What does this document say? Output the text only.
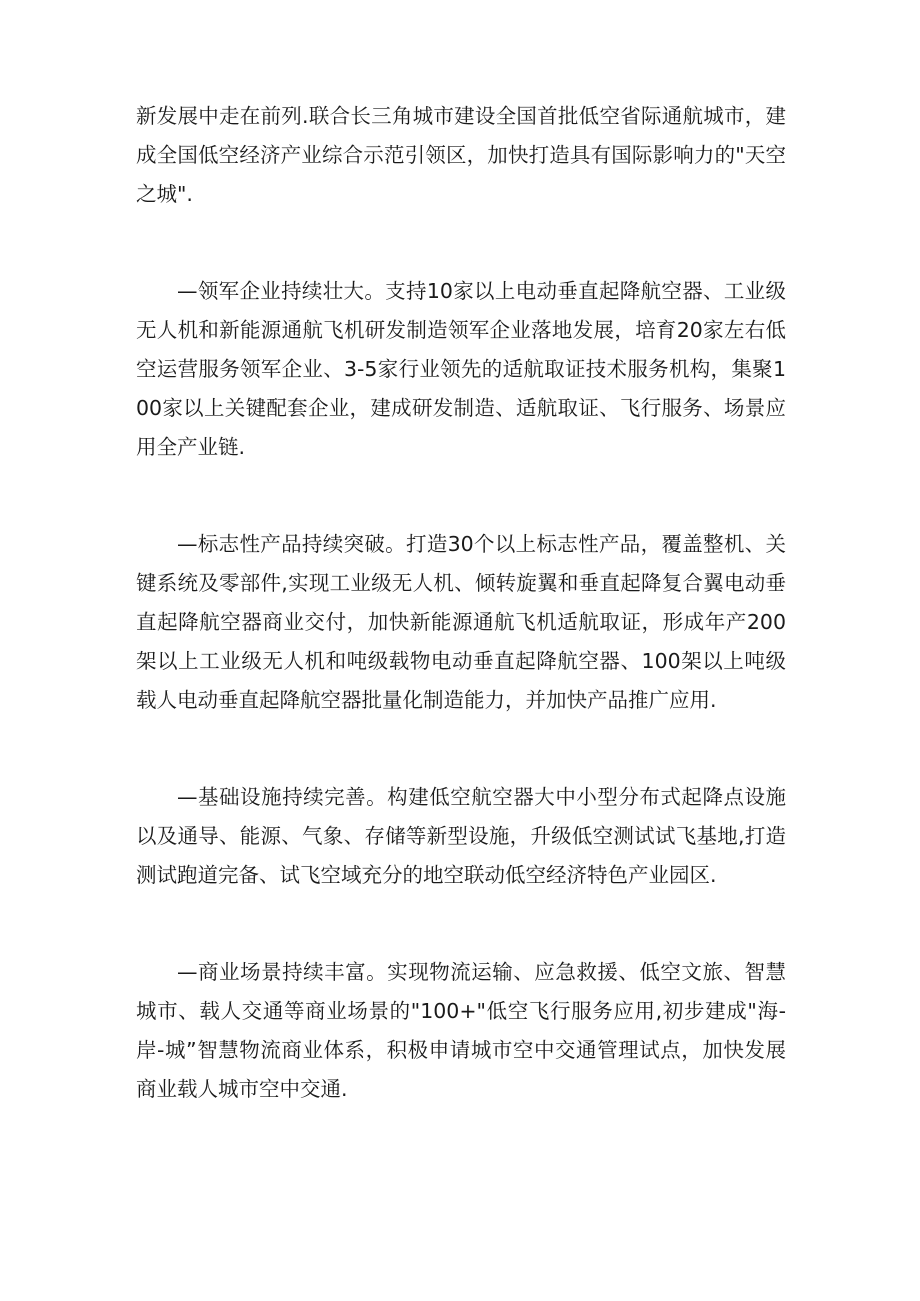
新发展中走在前列.联合长三角城市建设全国首批低空省际通航城市，建成全国低空经济产业综合示范引领区，加快打造具有国际影响力的"天空之城".

—领军企业持续壮大。支持10家以上电动垂直起降航空器、工业级无人机和新能源通航飞机研发制造领军企业落地发展，培育20家左右低空运营服务领军企业、3-5家行业领先的适航取证技术服务机构，集聚100家以上关键配套企业，建成研发制造、适航取证、飞行服务、场景应用全产业链.

—标志性产品持续突破。打造30个以上标志性产品，覆盖整机、关键系统及零部件,实现工业级无人机、倾转旋翼和垂直起降复合翼电动垂直起降航空器商业交付，加快新能源通航飞机适航取证，形成年产200架以上工业级无人机和吨级载物电动垂直起降航空器、100架以上吨级载人电动垂直起降航空器批量化制造能力，并加快产品推广应用.

—基础设施持续完善。构建低空航空器大中小型分布式起降点设施以及通导、能源、气象、存储等新型设施，升级低空测试试飞基地,打造测试跑道完备、试飞空域充分的地空联动低空经济特色产业园区.

—商业场景持续丰富。实现物流运输、应急救援、低空文旅、智慧城市、载人交通等商业场景的"100+"低空飞行服务应用,初步建成"海-岸-城”智慧物流商业体系，积极申请城市空中交通管理试点，加快发展商业载人城市空中交通.
